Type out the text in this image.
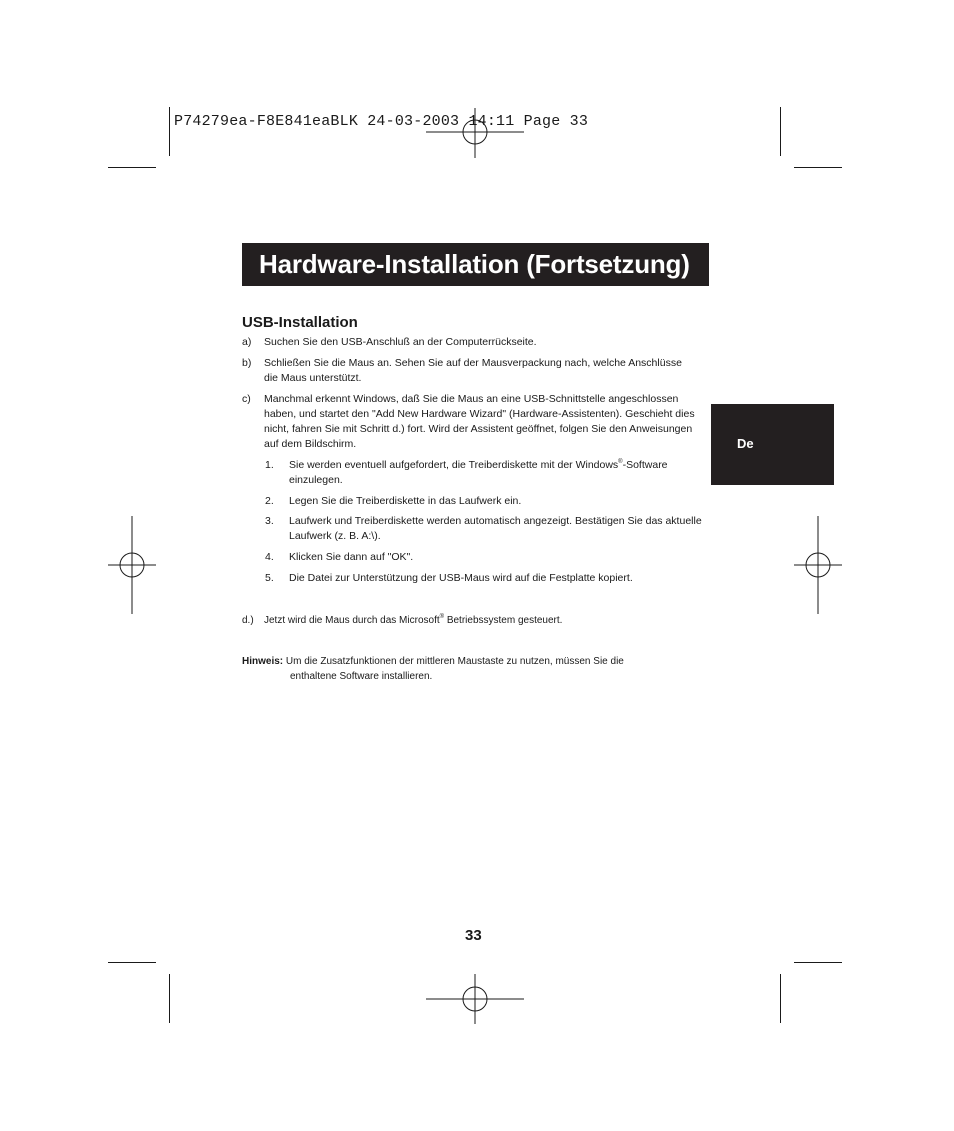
P74279ea-F8E841eaBLK 24-03-2003 14:11 Page 33
Hardware-Installation (Fortsetzung)
De
USB-Installation
a) Suchen Sie den USB-Anschluß an der Computerrückseite.
b) Schließen Sie die Maus an. Sehen Sie auf der Mausverpackung nach, welche Anschlüsse die Maus unterstützt.
c) Manchmal erkennt Windows, daß Sie die Maus an eine USB-Schnittstelle angeschlossen haben, und startet den "Add New Hardware Wizard" (Hardware-Assistenten). Geschieht dies nicht, fahren Sie mit Schritt d.) fort. Wird der Assistent geöffnet, folgen Sie den Anweisungen auf dem Bildschirm.
1. Sie werden eventuell aufgefordert, die Treiberdiskette mit der Windows®-Software einzulegen.
2. Legen Sie die Treiberdiskette in das Laufwerk ein.
3. Laufwerk und Treiberdiskette werden automatisch angezeigt. Bestätigen Sie das aktuelle Laufwerk (z. B. A:\).
4. Klicken Sie dann auf "OK".
5. Die Datei zur Unterstützung der USB-Maus wird auf die Festplatte kopiert.
d.) Jetzt wird die Maus durch das Microsoft® Betriebssystem gesteuert.
Hinweis: Um die Zusatzfunktionen der mittleren Maustaste zu nutzen, müssen Sie die
enthaltene Software installieren.
33
